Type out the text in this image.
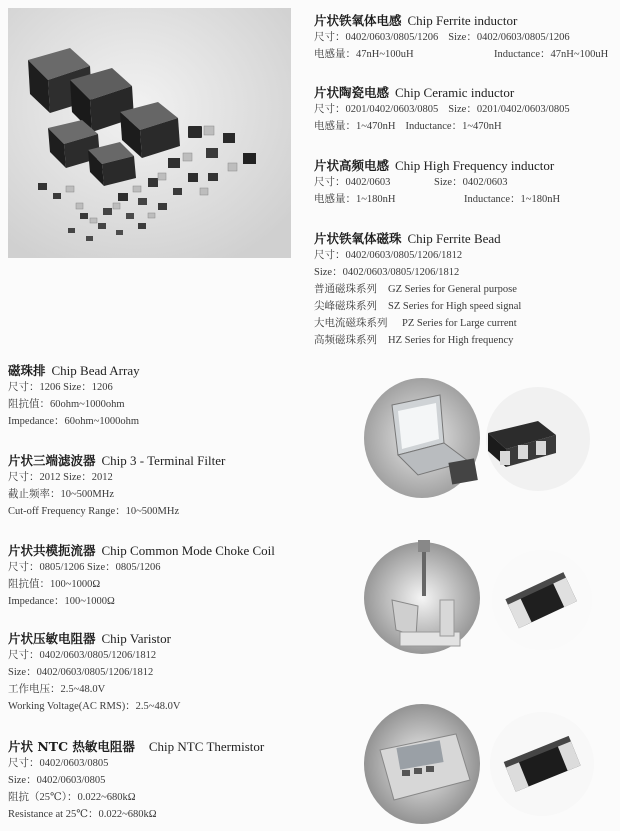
片状铁氧体电感 Chip Ferrite inductor
尺寸：0402/0603/0805/1206 Size：0402/0603/0805/1206
电感量：47nH~100uH	Inductance：47nH~100uH
片状陶瓷电感 Chip Ceramic inductor
尺寸：0201/0402/0603/0805 Size：0201/0402/0603/0805
电感量：1~470nH Inductance：1~470nH
片状高频电感 Chip High Frequency inductor
尺寸：0402/0603	Size：0402/0603
电感量：1~180nH	Inductance：1~180nH
片状铁氧体磁珠 Chip Ferrite Bead
尺寸：0402/0603/0805/1206/1812
Size：0402/0603/0805/1206/1812
普通磁珠系列 GZ Series for General purpose
尖峰磁珠系列 SZ Series for High speed signal
大电流磁珠系列 PZ Series for Large current
高频磁珠系列 HZ Series for High frequency
磁珠排 Chip Bead Array
尺寸：1206 Size：1206
阻抗值：60ohm~1000ohm
Impedance：60ohm~1000ohm
片状三端滤波器 Chip 3 - Terminal Filter
尺寸：2012 Size：2012
截止频率：10~500MHz
Cut-off Frequency Range：10~500MHz
片状共模扼流器 Chip Common Mode Choke Coil
尺寸：0805/1206 Size：0805/1206
阻抗值：100~1000Ω
Impedance：100~1000Ω
片状压敏电阻器 Chip Varistor
尺寸：0402/0603/0805/1206/1812
Size：0402/0603/0805/1206/1812
工作电压：2.5~48.0V
Working Voltage(AC RMS)：2.5~48.0V
片状 NTC 热敏电阻器 Chip NTC Thermistor
尺寸：0402/0603/0805
Size：0402/0603/0805
阻抗（25℃）：0.022~680kΩ
Resistance at 25℃：0.022~680kΩ
